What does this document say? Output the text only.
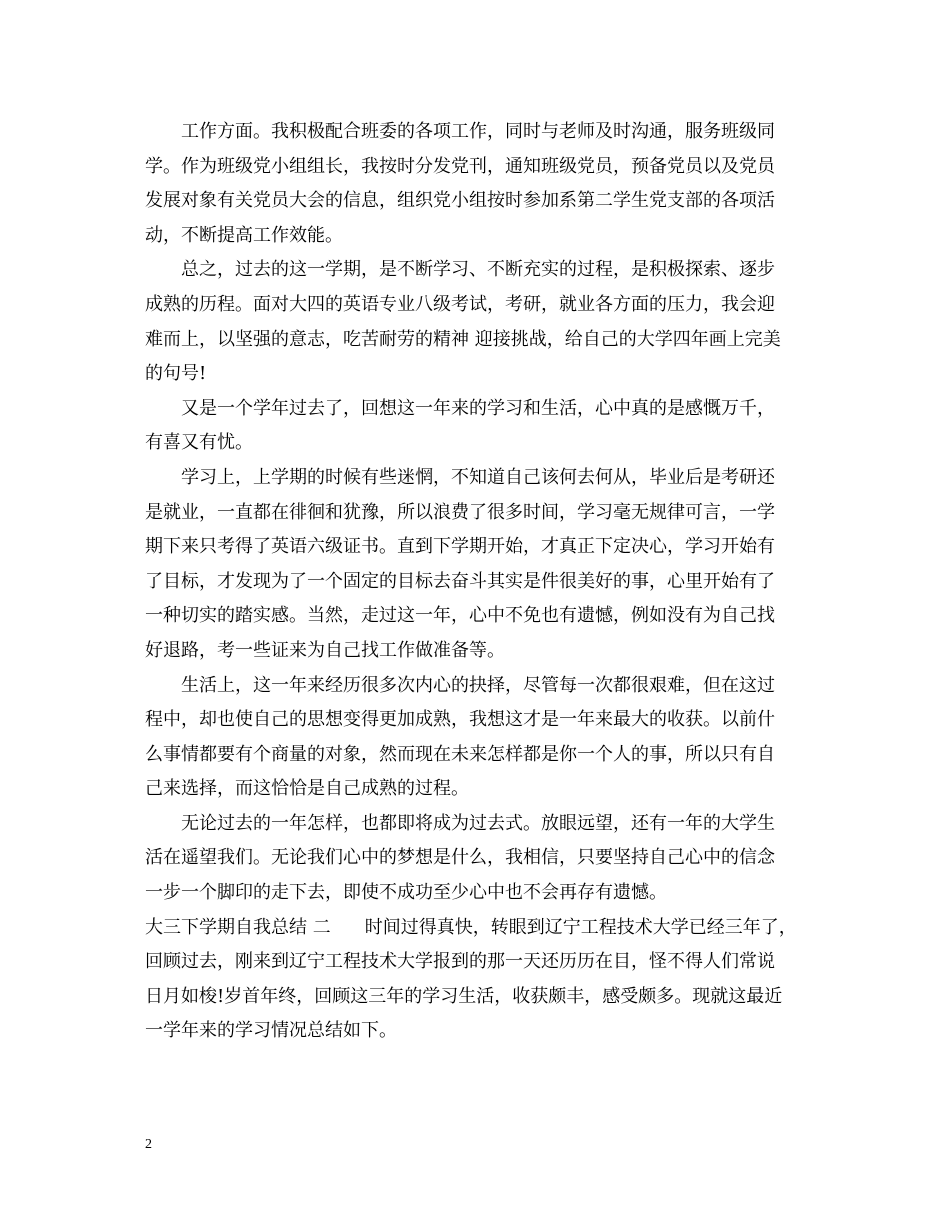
工作方面。我积极配合班委的各项工作，同时与老师及时沟通，服务班级同
学。作为班级党小组组长，我按时分发党刊，通知班级党员，预备党员以及党员
发展对象有关党员大会的信息，组织党小组按时参加系第二学生党支部的各项活
动，不断提高工作效能。
总之，过去的这一学期，是不断学习、不断充实的过程，是积极探索、逐步
成熟的历程。面对大四的英语专业八级考试，考研，就业各方面的压力，我会迎
难而上，以坚强的意志，吃苦耐劳的精神 迎接挑战，给自己的大学四年画上完美
的句号!
又是一个学年过去了，回想这一年来的学习和生活，心中真的是感慨万千，
有喜又有忧。
学习上，上学期的时候有些迷惘，不知道自己该何去何从，毕业后是考研还
是就业，一直都在徘徊和犹豫，所以浪费了很多时间，学习毫无规律可言，一学
期下来只考得了英语六级证书。直到下学期开始，才真正下定决心，学习开始有
了目标，才发现为了一个固定的目标去奋斗其实是件很美好的事，心里开始有了
一种切实的踏实感。当然，走过这一年，心中不免也有遗憾，例如没有为自己找
好退路，考一些证来为自己找工作做准备等。
生活上，这一年来经历很多次内心的抉择，尽管每一次都很艰难，但在这过
程中，却也使自己的思想变得更加成熟，我想这才是一年来最大的收获。以前什
么事情都要有个商量的对象，然而现在未来怎样都是你一个人的事，所以只有自
己来选择，而这恰恰是自己成熟的过程。
无论过去的一年怎样，也都即将成为过去式。放眼远望，还有一年的大学生
活在遥望我们。无论我们心中的梦想是什么，我相信，只要坚持自己心中的信念
一步一个脚印的走下去，即使不成功至少心中也不会再存有遗憾。
大三下学期自我总结 二 时间过得真快，转眼到辽宁工程技术大学已经三年了，
回顾过去，刚来到辽宁工程技术大学报到的那一天还历历在目，怪不得人们常说
日月如梭!岁首年终，回顾这三年的学习生活，收获颇丰，感受颇多。现就这最近
一学年来的学习情况总结如下。
2
